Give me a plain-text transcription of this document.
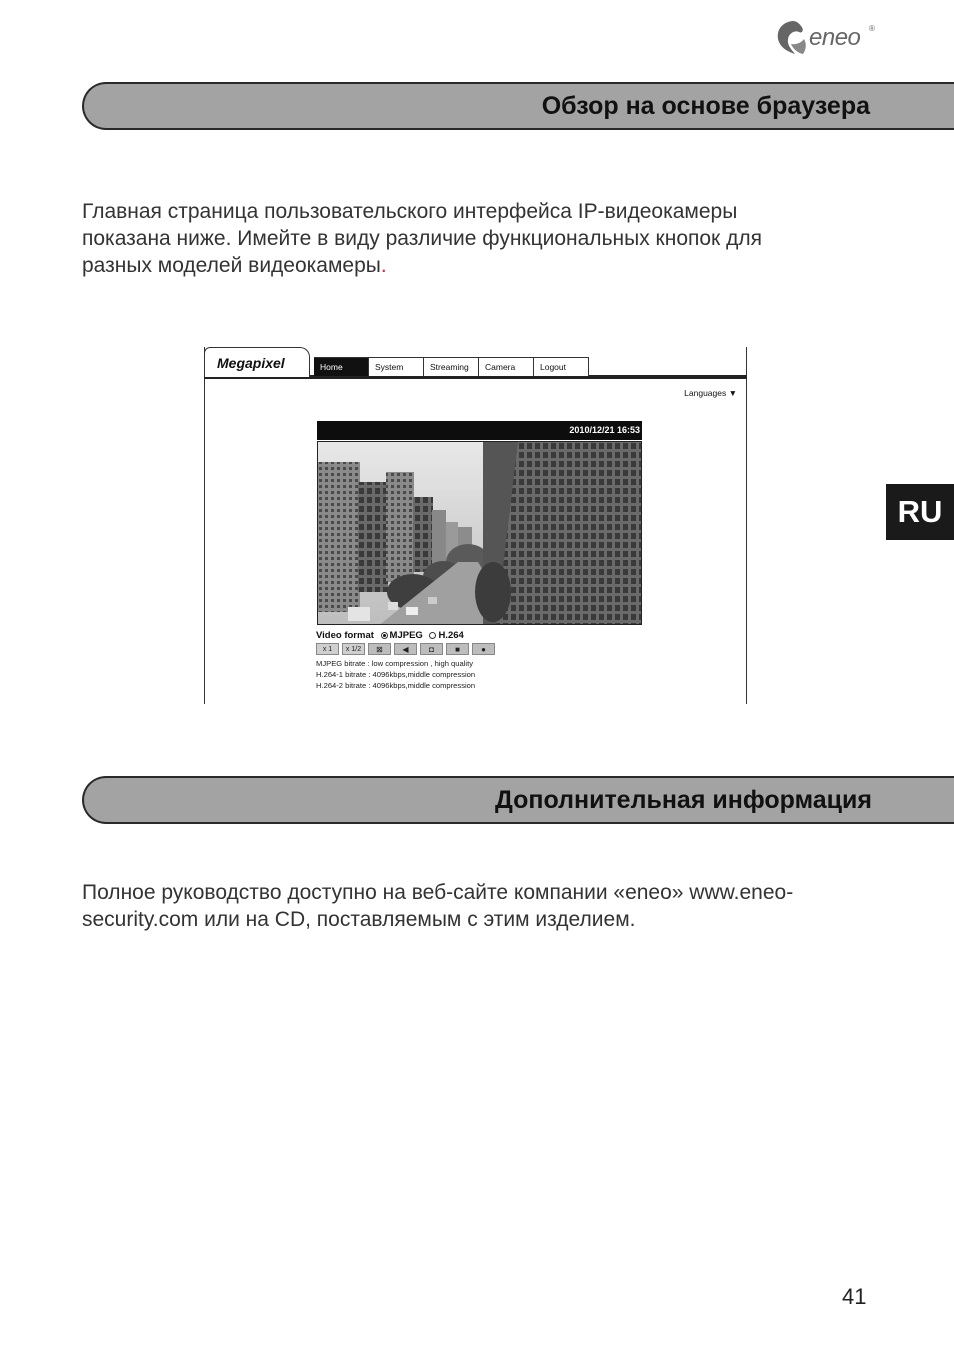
eneo ®
Обзор на основе браузера

Главная страница пользовательского интерфейса IP-видеокамеры
показана ниже. Имейте в виду различие функциональных кнопок для
разных моделей видеокамеры.

Megapixel	Home	System	Streaming	Camera	Logout
Languages ▼
2010/12/21 16:53
Video format MJPEG H.264
x 1	x 1/2	⊠	◀	◘	■	●
MJPEG bitrate : low compression , high quality
H.264-1 bitrate : 4096kbps,middle compression
H.264-2 bitrate : 4096kbps,middle compression
Дополнительная информация

Полное руководство доступно на веб-сайте компании «eneo» www.eneo-
security.com или на CD, поставляемым с этим изделием.

RU
41
